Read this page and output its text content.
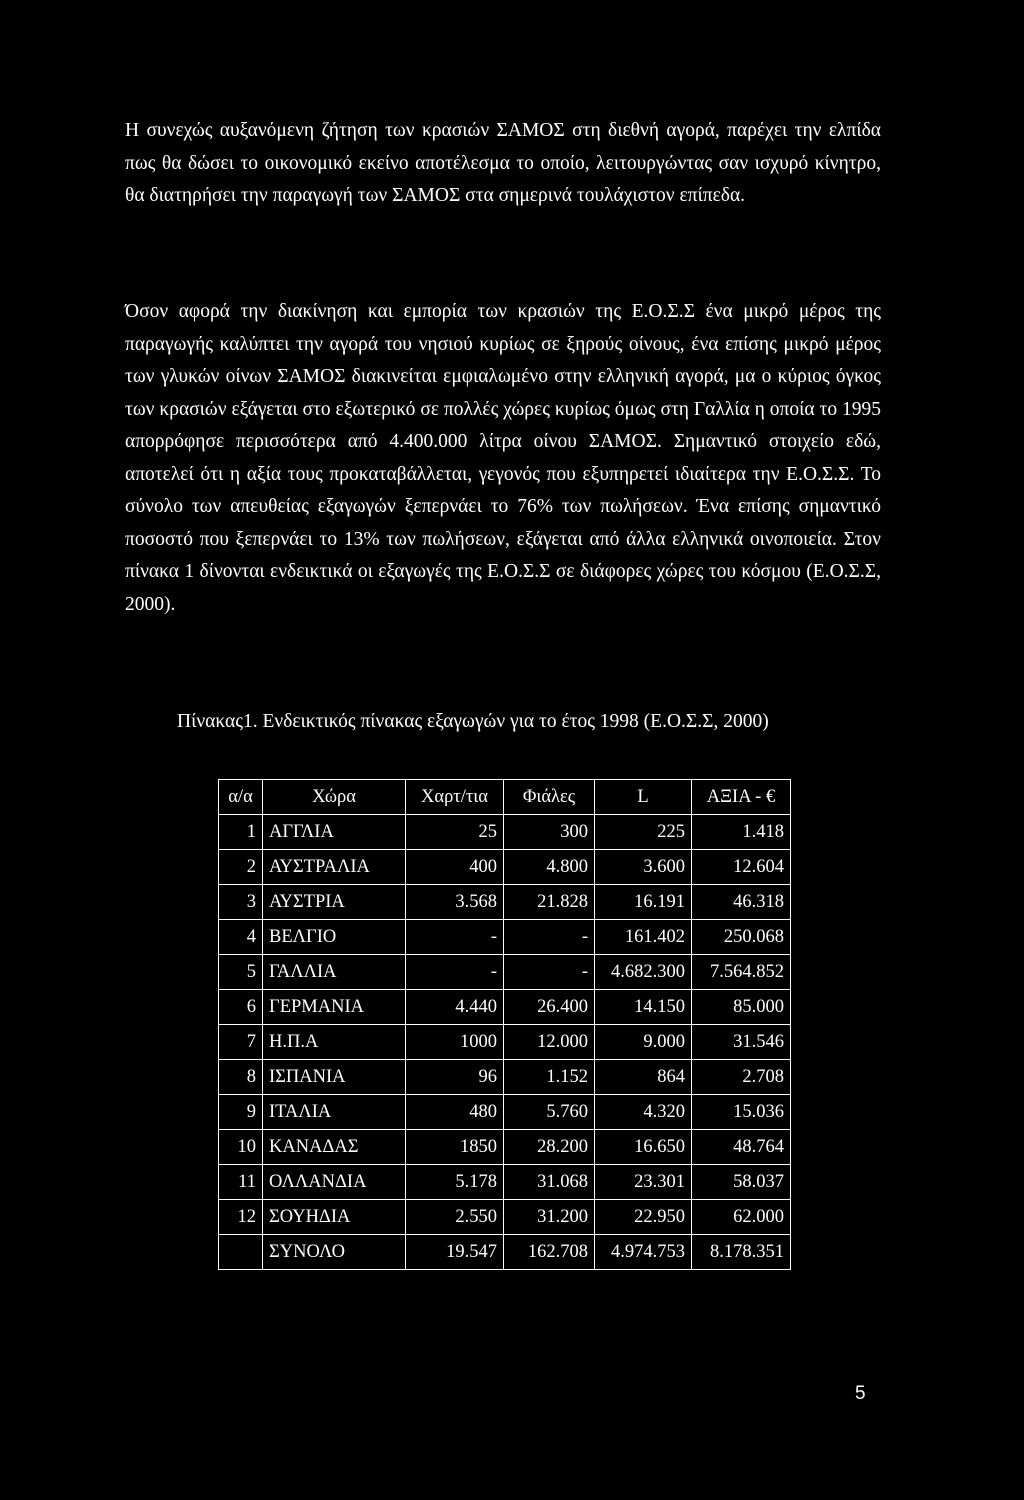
Η συνεχώς αυξανόμενη ζήτηση των κρασιών ΣΑΜΟΣ στη διεθνή αγορά, παρέχει την ελπίδα πως θα δώσει το οικονομικό εκείνο αποτέλεσμα το οποίο, λειτουργώντας σαν ισχυρό κίνητρο, θα διατηρήσει την παραγωγή των ΣΑΜΟΣ στα σημερινά τουλάχιστον επίπεδα.

Όσον αφορά την διακίνηση και εμπορία των κρασιών της Ε.Ο.Σ.Σ ένα μικρό μέρος της παραγωγής καλύπτει την αγορά του νησιού κυρίως σε ξηρούς οίνους, ένα επίσης μικρό μέρος των γλυκών οίνων ΣΑΜΟΣ διακινείται εμφιαλωμένο στην ελληνική αγορά, μα ο κύριος όγκος των κρασιών εξάγεται στο εξωτερικό σε πολλές χώρες κυρίως όμως στη Γαλλία η οποία το 1995 απορρόφησε περισσότερα από 4.400.000 λίτρα οίνου ΣΑΜΟΣ. Σημαντικό στοιχείο εδώ, αποτελεί ότι η αξία τους προκαταβάλλεται, γεγονός που εξυπηρετεί ιδιαίτερα την Ε.Ο.Σ.Σ. Το σύνολο των απευθείας εξαγωγών ξεπερνάει το 76% των πωλήσεων. Ένα επίσης σημαντικό ποσοστό που ξεπερνάει το 13% των πωλήσεων, εξάγεται από άλλα ελληνικά οινοποιεία. Στον πίνακα 1 δίνονται ενδεικτικά οι εξαγωγές της Ε.Ο.Σ.Σ σε διάφορες χώρες του κόσμου (Ε.Ο.Σ.Σ, 2000).

Πίνακας1. Ενδεικτικός πίνακας εξαγωγών για το έτος 1998 (Ε.Ο.Σ.Σ, 2000)
α/α	Χώρα	Χαρτ/τια	Φιάλες	L	ΑΞΙΑ - €
1	ΑΓΓΛΙΑ	25	300	225	1.418
2	ΑΥΣΤΡΑΛΙΑ	400	4.800	3.600	12.604
3	ΑΥΣΤΡΙΑ	3.568	21.828	16.191	46.318
4	ΒΕΛΓΙΟ	-	-	161.402	250.068
5	ΓΑΛΛΙΑ	-	-	4.682.300	7.564.852
6	ΓΕΡΜΑΝΙΑ	4.440	26.400	14.150	85.000
7	Η.Π.Α	1000	12.000	9.000	31.546
8	ΙΣΠΑΝΙΑ	96	1.152	864	2.708
9	ΙΤΑΛΙΑ	480	5.760	4.320	15.036
10	ΚΑΝΑΔΑΣ	1850	28.200	16.650	48.764
11	ΟΛΛΑΝΔΙΑ	5.178	31.068	23.301	58.037
12	ΣΟΥΗΔΙΑ	2.550	31.200	22.950	62.000
	ΣΥΝΟΛΟ	19.547	162.708	4.974.753	8.178.351
5
